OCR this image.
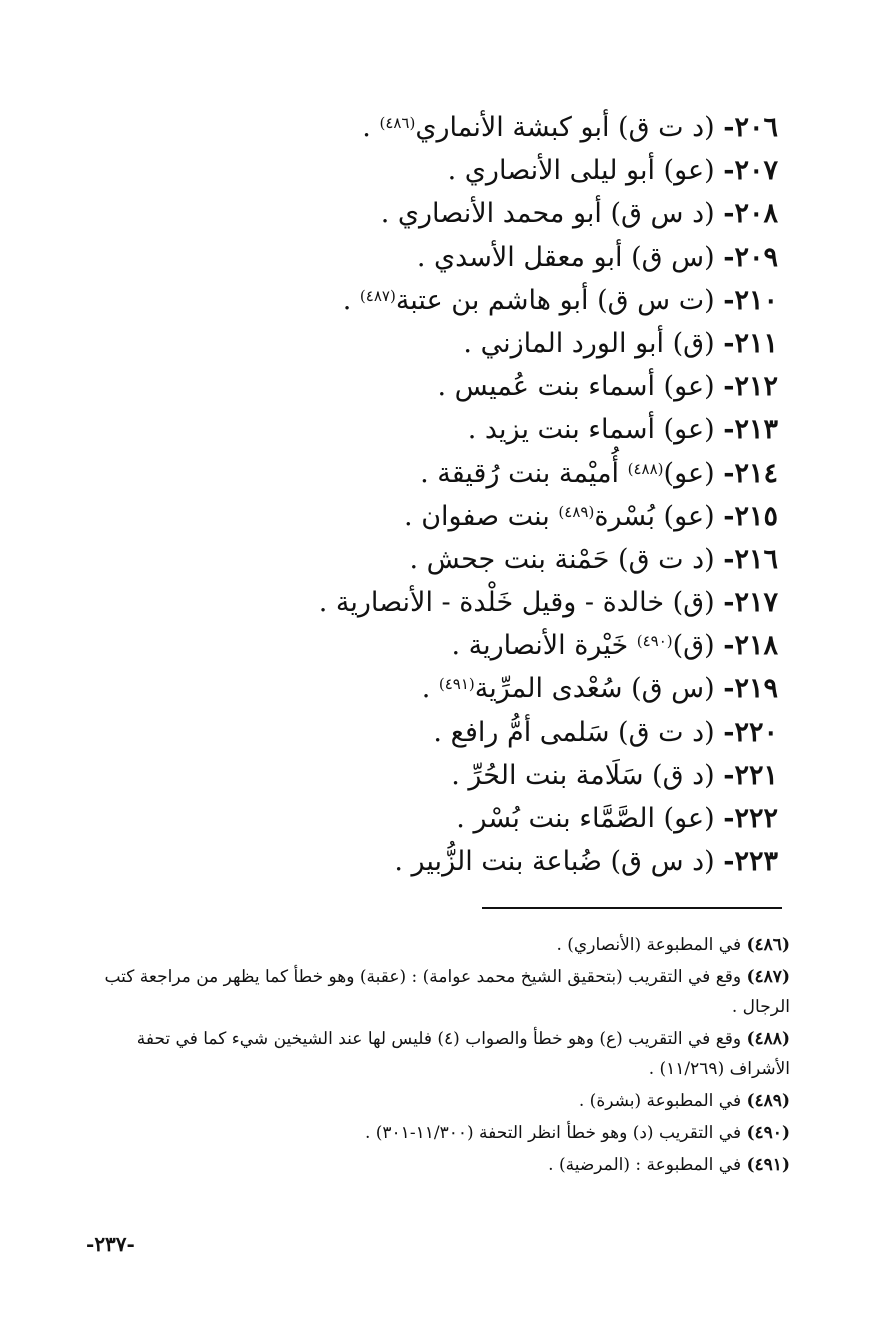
٢٠٦- (د ت ق) أبو كبشة الأنماري$^{(٤٨٦)}$ .
٢٠٧- (عو) أبو ليلى الأنصاري .
٢٠٨- (د س ق) أبو محمد الأنصاري .
٢٠٩- (س ق) أبو معقل الأسدي .
٢١٠- (ت س ق) أبو هاشم بن عتبة$^{(٤٨٧)}$ .
٢١١- (ق) أبو الورد المازني .
٢١٢- (عو) أسماء بنت عُميس .
٢١٣- (عو) أسماء بنت يزيد .
٢١٤- (عو)$^{(٤٨٨)}$ أُميْمة بنت رُقيقة .
٢١٥- (عو) بُسْرة$^{(٤٨٩)}$ بنت صفوان .
٢١٦- (د ت ق) حَمْنة بنت جحش .
٢١٧- (ق) خالدة - وقيل خَلْدة - الأنصارية .
٢١٨- (ق)$^{(٤٩٠)}$ خَيْرة الأنصارية .
٢١٩- (س ق) سُعْدى المرِّية$^{(٤٩١)}$ .
٢٢٠- (د ت ق) سَلمى أمُّ رافع .
٢٢١- (د ق) سَلَامة بنت الحُرِّ .
٢٢٢- (عو) الصَّمَّاء بنت بُسْر .
٢٢٣- (د س ق) ضُباعة بنت الزُّبير .
(٤٨٦) في المطبوعة (الأنصاري) .
(٤٨٧) وقع في التقريب (بتحقيق الشيخ محمد عوامة) : (عقبة) وهو خطأ كما يظهر من مراجعة كتب الرجال .
(٤٨٨) وقع في التقريب (ع) وهو خطأ والصواب (٤) فليس لها عند الشيخين شيء كما في تحفة الأشراف (١١/٢٦٩) .
(٤٨٩) في المطبوعة (بشرة) .
(٤٩٠) في التقريب (د) وهو خطأ انظر التحفة (١١/٣٠٠-٣٠١) .
(٤٩١) في المطبوعة : (المرضية) .
-٢٣٧-
